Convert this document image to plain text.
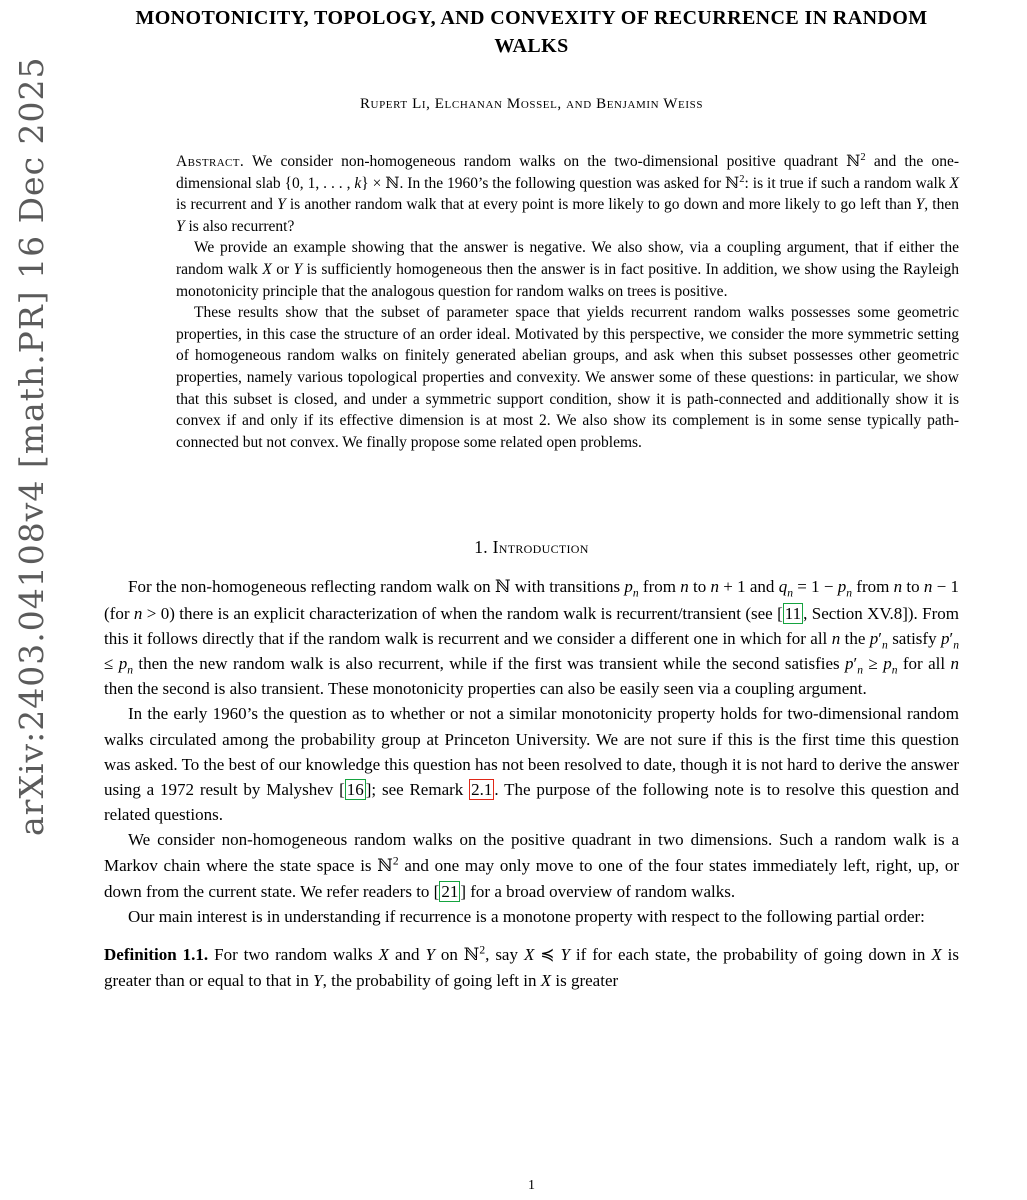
arXiv:2403.04108v4 [math.PR] 16 Dec 2025
MONOTONICITY, TOPOLOGY, AND CONVEXITY OF RECURRENCE IN RANDOM WALKS
Rupert Li, Elchanan Mossel, and Benjamin Weiss

Abstract. We consider non-homogeneous random walks on the two-dimensional positive quadrant ℕ$^2$ and the one-dimensional slab {0, 1, . . . , k} × ℕ. In the 1960’s the following question was asked for ℕ$^2$: is it true if such a random walk X is recurrent and Y is another random walk that at every point is more likely to go down and more likely to go left than Y, then Y is also recurrent?

We provide an example showing that the answer is negative. We also show, via a coupling argument, that if either the random walk X or Y is sufficiently homogeneous then the answer is in fact positive. In addition, we show using the Rayleigh monotonicity principle that the analogous question for random walks on trees is positive.

These results show that the subset of parameter space that yields recurrent random walks possesses some geometric properties, in this case the structure of an order ideal. Motivated by this perspective, we consider the more symmetric setting of homogeneous random walks on finitely generated abelian groups, and ask when this subset possesses other geometric properties, namely various topological properties and convexity. We answer some of these questions: in particular, we show that this subset is closed, and under a symmetric support condition, show it is path-connected and additionally show it is convex if and only if its effective dimension is at most 2. We also show its complement is in some sense typically path-connected but not convex. We finally propose some related open problems.

1. Introduction

For the non-homogeneous reflecting random walk on ℕ with transitions $p_n$ from n to n + 1 and $q_n = 1 - p_n$ from n to n − 1 (for n > 0) there is an explicit characterization of when the random walk is recurrent/transient (see [ 11 , Section XV.8]). From this it follows directly that if the random walk is recurrent and we consider a different one in which for all n the $p'_n$ satisfy $p'_n \le p_n$ then the new random walk is also recurrent, while if the first was transient while the second satisfies $p'_n \ge p_n$ for all n then the second is also transient. These monotonicity properties can also be easily seen via a coupling argument.

In the early 1960’s the question as to whether or not a similar monotonicity property holds for two-dimensional random walks circulated among the probability group at Princeton University. We are not sure if this is the first time this question was asked. To the best of our knowledge this question has not been resolved to date, though it is not hard to derive the answer using a 1972 result by Malyshev [ 16 ]; see Remark 2.1 . The purpose of the following note is to resolve this question and related questions.

We consider non-homogeneous random walks on the positive quadrant in two dimensions. Such a random walk is a Markov chain where the state space is ℕ$^2$ and one may only move to one of the four states immediately left, right, up, or down from the current state. We refer readers to [ 21 ] for a broad overview of random walks.

Our main interest is in understanding if recurrence is a monotone property with respect to the following partial order:

Definition 1.1. For two random walks X and Y on ℕ$^2$, say X ≼ Y if for each state, the probability of going down in X is greater than or equal to that in Y, the probability of going left in X is greater

1
